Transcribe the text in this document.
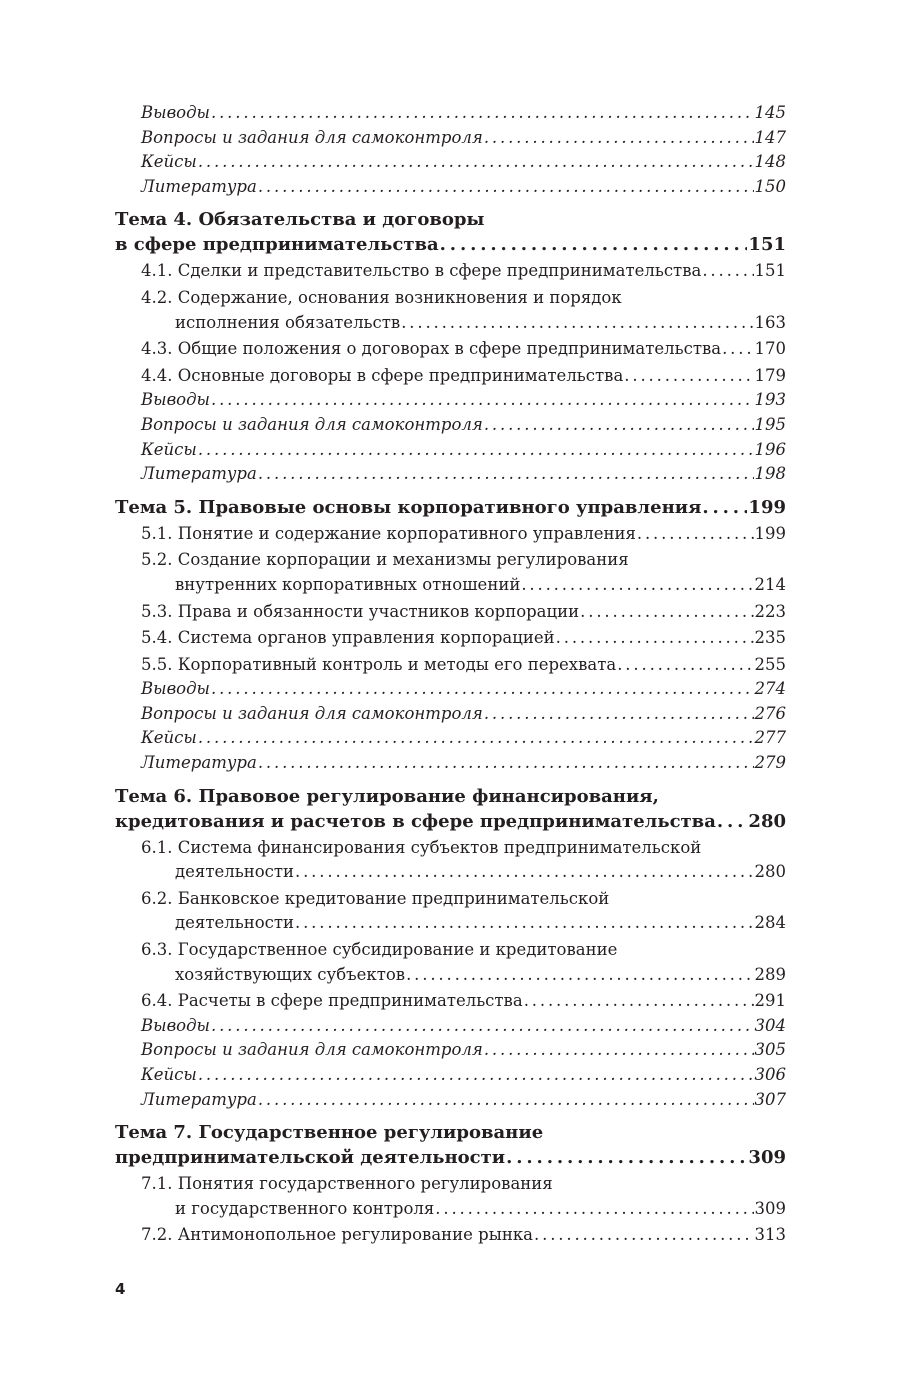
Выводы . . .	145
Вопросы и задания для самоконтроля . . .	147
Кейсы . . .	148
Литература . . .	150
Тема 4. Обязательства и договоры
в сфере предпринимательства . . .	151
4.1. Сделки и представительство в сфере предпринимательства . . .	151
4.2. Содержание, основания возникновения и порядок
исполнения обязательств . . .	163
4.3. Общие положения о договорах в сфере предпринимательства . . . 170
4.4. Основные договоры в сфере предпринимательства . . .	179
Выводы . . .	193
Вопросы и задания для самоконтроля . . .	195
Кейсы . . .	196
Литература . . .	198
Тема 5. Правовые основы корпоративного управления . . .	199
5.1. Понятие и содержание корпоративного управления . . .	199
5.2. Создание корпорации и механизмы регулирования
внутренних корпоративных отношений . . .	214
5.3. Права и обязанности участников корпорации . . .	223
5.4. Система органов управления корпорацией . . .	235
5.5. Корпоративный контроль и методы его перехвата . . .	255
Выводы . . .	274
Вопросы и задания для самоконтроля . . .	276
Кейсы . . .	277
Литература . . .	279
Тема 6. Правовое регулирование финансирования,
кредитования и расчетов в сфере предпринимательства . . . 280
6.1. Система финансирования субъектов предпринимательской
деятельности . . .	280
6.2. Банковское кредитование предпринимательской
деятельности . . .	284
6.3. Государственное субсидирование и кредитование
хозяйствующих субъектов . . .	289
6.4. Расчеты в сфере предпринимательства . . .	291
Выводы . . .	304
Вопросы и задания для самоконтроля . . .	305
Кейсы . . .	306
Литература . . .	307
Тема 7. Государственное регулирование
предпринимательской деятельности . . .	309
7.1. Понятия государственного регулирования
и государственного контроля . . .	309
7.2. Антимонопольное регулирование рынка . . .	313
4
